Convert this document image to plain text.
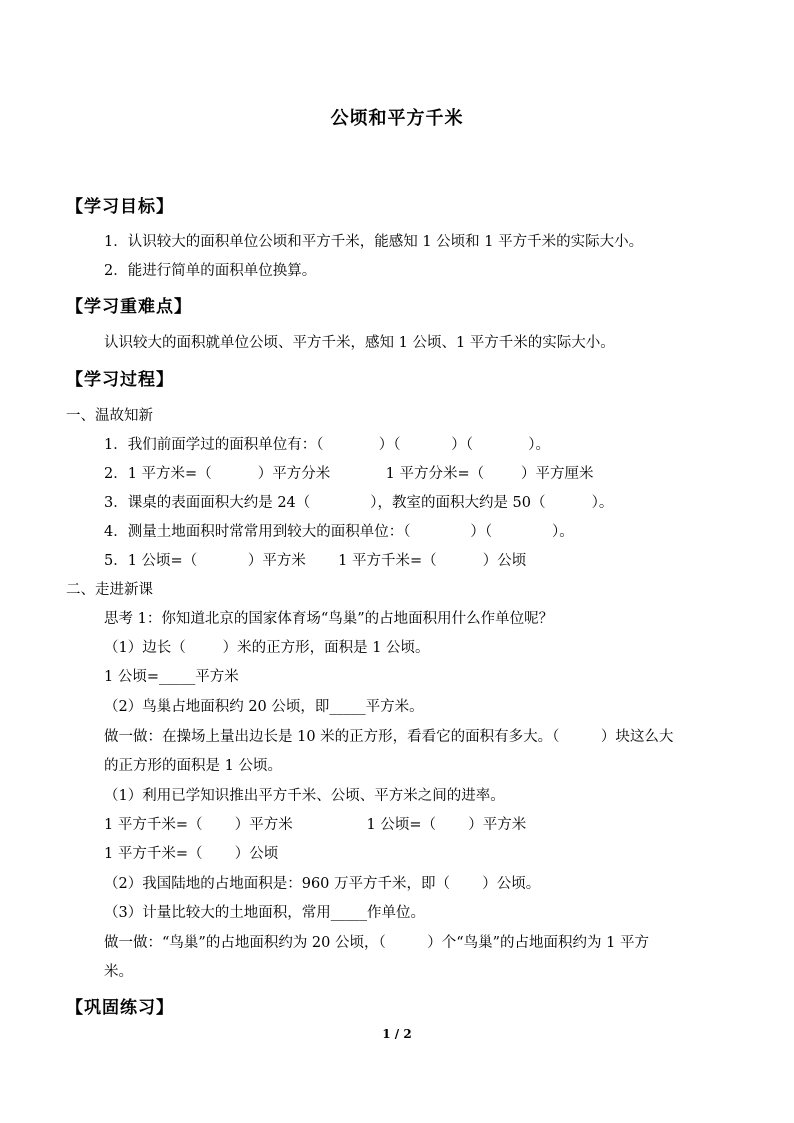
公顷和平方千米
【学习目标】
1．认识较大的面积单位公顷和平方千米，能感知 1 公顷和 1 平方千米的实际大小。
2．能进行简单的面积单位换算。
【学习重难点】
认识较大的面积就单位公顷、平方千米，感知 1 公顷、1 平方千米的实际大小。
【学习过程】
一、温故知新
1．我们前面学过的面积单位有：（            ）（           ）（            ）。
2．1 平方米=（          ）平方分米            1 平方分米=（        ）平方厘米
3．课桌的表面面积大约是 24（             ），教室的面积大约是 50（          ）。
4．测量土地面积时常常用到较大的面积单位：（             ）（             ）。
5．1 公顷=（           ）平方米       1 平方千米=（          ）公顷
二、走进新课
思考 1：你知道北京的国家体育场“鸟巢”的占地面积用什么作单位呢？
（1）边长（        ）米的正方形，面积是 1 公顷。
1 公顷=_____平方米
（2）鸟巢占地面积约 20 公顷，即_____平方米。
做一做：在操场上量出边长是 10 米的正方形，看看它的面积有多大。（         ）块这么大
的正方形的面积是 1 公顷。
（1）利用已学知识推出平方千米、公顷、平方米之间的进率。
1 平方千米=（       ）平方米                1 公顷=（       ）平方米
1 平方千米=（       ）公顷
（2）我国陆地的占地面积是：960 万平方千米，即（       ）公顷。
（3）计量比较大的土地面积，常用_____作单位。
做一做：“鸟巢”的占地面积约为 20 公顷，（         ）个“鸟巢”的占地面积约为 1 平方
米。
【巩固练习】
1 / 2
